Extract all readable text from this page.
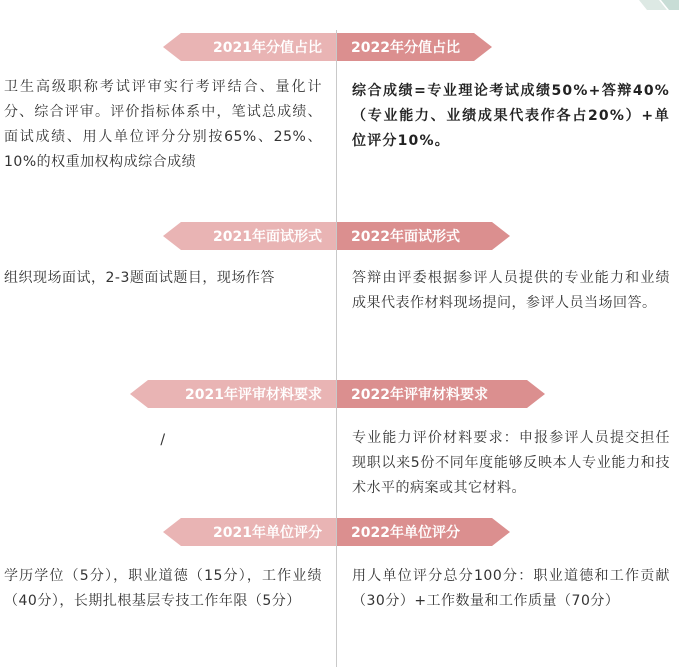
2021年分值占比 2022年分值占比
卫生高级职称考试评审实行考评结合、量化计分、综合评审。评价指标体系中，笔试总成绩、面试成绩、用人单位评分分别按65%、25%、10%的权重加权构成综合成绩
综合成绩=专业理论考试成绩50%+答辩40%（专业能力、业绩成果代表作各占20%）+单位评分10%。
2021年面试形式 2022年面试形式
组织现场面试，2-3题面试题目，现场作答	答辩由评委根据参评人员提供的专业能力和业绩成果代表作材料现场提问，参评人员当场回答。
2021年评审材料要求 2022年评审材料要求
/	专业能力评价材料要求：申报参评人员提交担任现职以来5份不同年度能够反映本人专业能力和技术水平的病案或其它材料。
2021年单位评分 2022年单位评分
学历学位（5分），职业道德（15分），工作业绩（40分），长期扎根基层专技工作年限（5分）
用人单位评分总分100分：职业道德和工作贡献（30分）+工作数量和工作质量（70分）
